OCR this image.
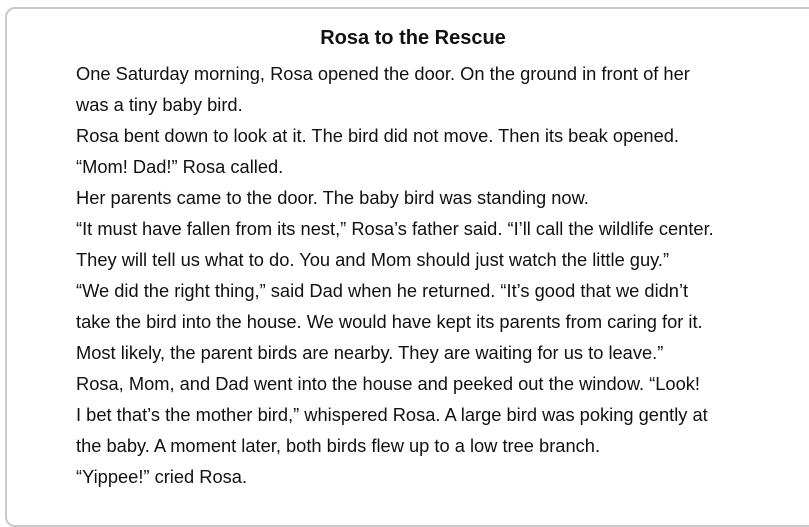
Rosa to the Rescue

One Saturday morning, Rosa opened the door. On the ground in front of her
was a tiny baby bird.

Rosa bent down to look at it. The bird did not move. Then its beak opened.

“Mom! Dad!” Rosa called.

Her parents came to the door. The baby bird was standing now.

“It must have fallen from its nest,” Rosa’s father said. “I’ll call the wildlife center.
They will tell us what to do. You and Mom should just watch the little guy.”

“We did the right thing,” said Dad when he returned. “It’s good that we didn’t
take the bird into the house. We would have kept its parents from caring for it.
Most likely, the parent birds are nearby. They are waiting for us to leave.”

Rosa, Mom, and Dad went into the house and peeked out the window. “Look!
I bet that’s the mother bird,” whispered Rosa. A large bird was poking gently at
the baby. A moment later, both birds flew up to a low tree branch.

“Yippee!” cried Rosa.
